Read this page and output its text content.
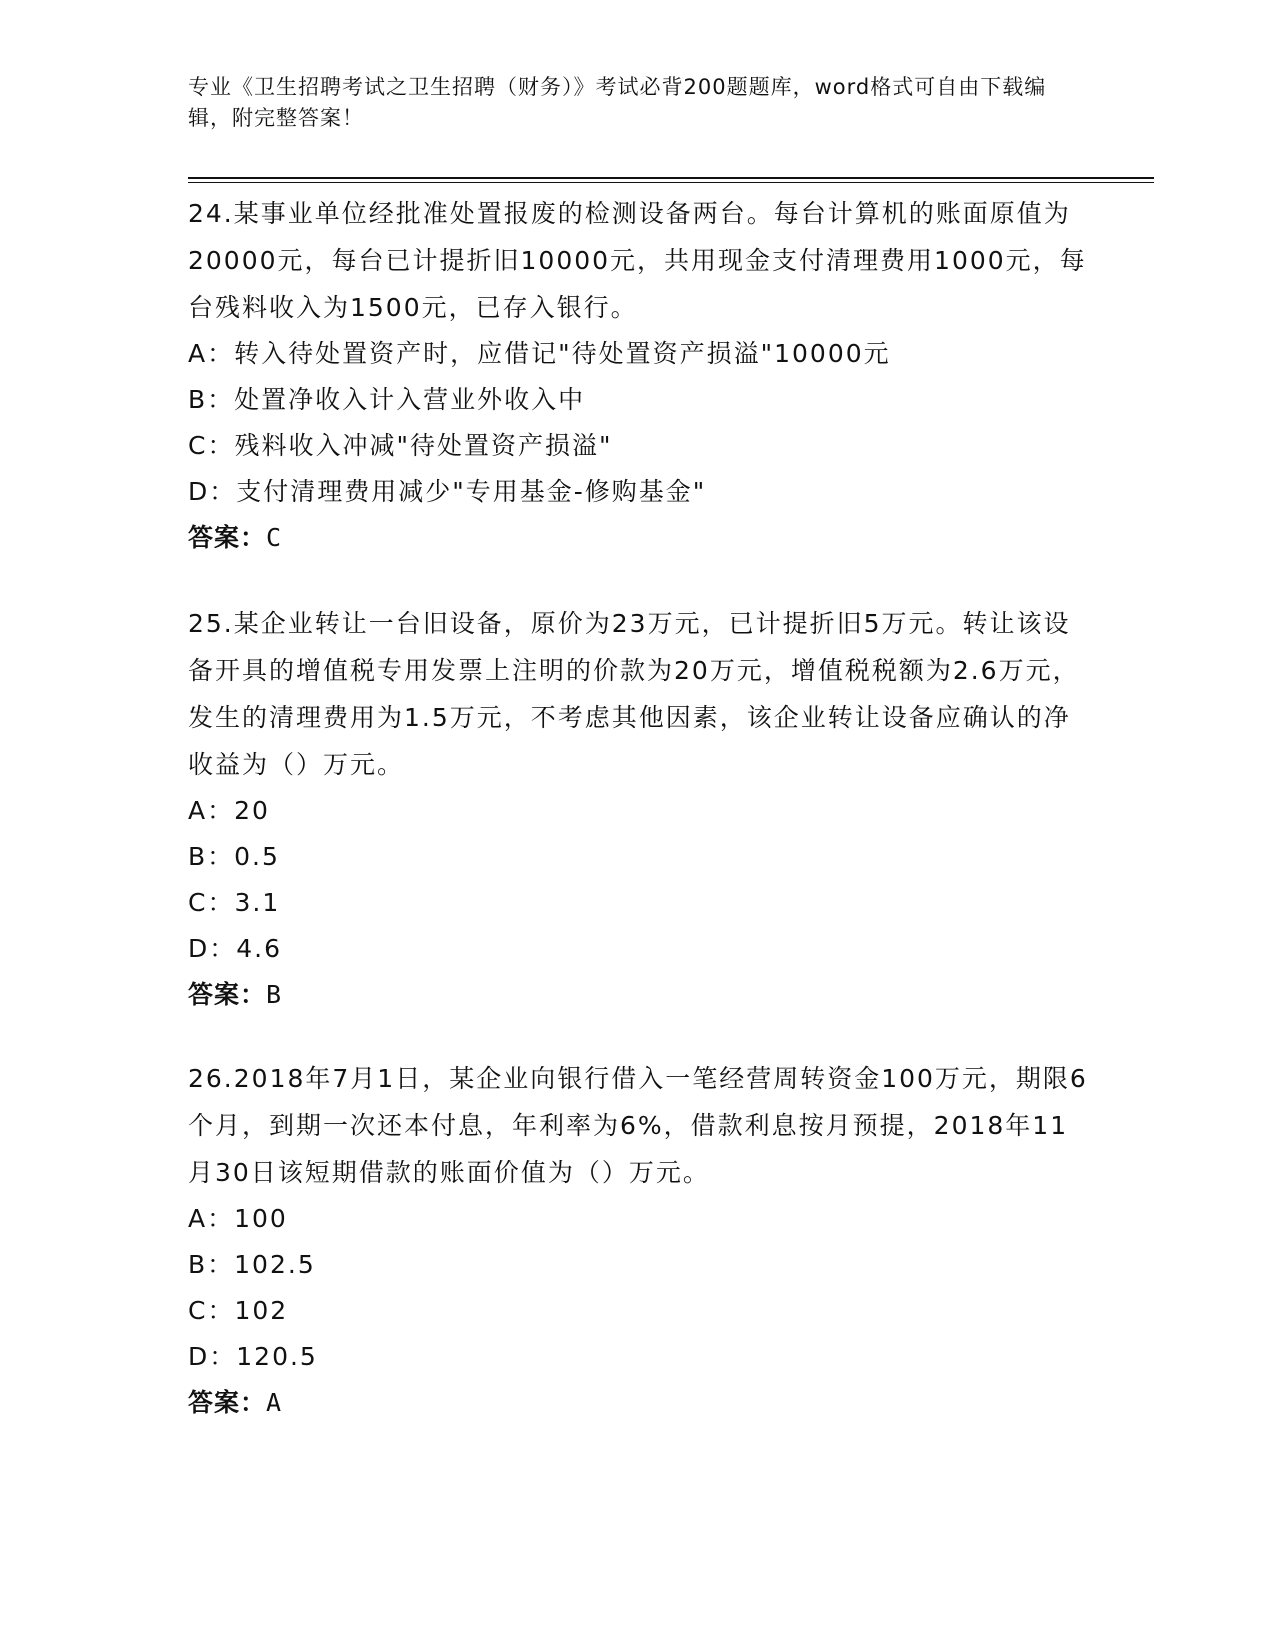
专业《卫生招聘考试之卫生招聘（财务）》考试必背200题题库，word格式可自由下载编辑，附完整答案！

24.某事业单位经批准处置报废的检测设备两台。每台计算机的账面原值为20000元，每台已计提折旧10000元，共用现金支付清理费用1000元，每台残料收入为1500元，已存入银行。

A： 转入待处置资产时，应借记"待处置资产损溢"10000元

B： 处置净收入计入营业外收入中

C： 残料收入冲减"待处置资产损溢"

D： 支付清理费用减少"专用基金-修购基金"

答案：C

25.某企业转让一台旧设备，原价为23万元，已计提折旧5万元。转让该设备开具的增值税专用发票上注明的价款为20万元，增值税税额为2.6万元，发生的清理费用为1.5万元，不考虑其他因素，该企业转让设备应确认的净收益为（）万元。

A： 20

B： 0.5

C： 3.1

D： 4.6

答案：B

26.2018年7月1日，某企业向银行借入一笔经营周转资金100万元，期限6个月，到期一次还本付息，年利率为6%，借款利息按月预提，2018年11月30日该短期借款的账面价值为（）万元。

A： 100

B： 102.5

C： 102

D： 120.5

答案：A
